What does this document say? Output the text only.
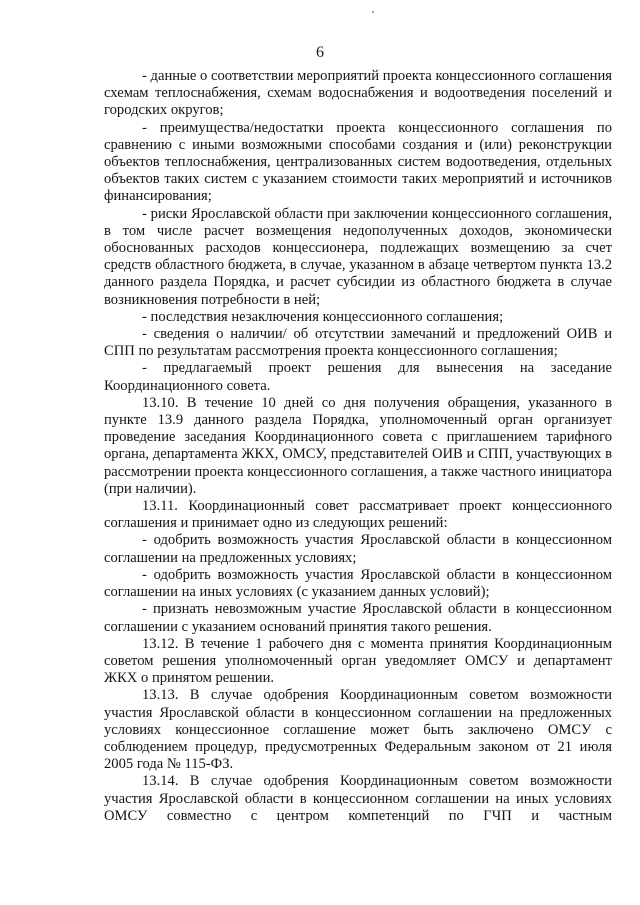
6

- данные о соответствии мероприятий проекта концессионного соглашения схемам теплоснабжения, схемам водоснабжения и водоотведения поселений и городских округов;

- преимущества/недостатки проекта концессионного соглашения по сравнению с иными возможными способами создания и (или) реконструкции объектов теплоснабжения, централизованных систем водоотведения, отдельных объектов таких систем с указанием стоимости таких мероприятий и источников финансирования;

- риски Ярославской области при заключении концессионного соглашения, в том числе расчет возмещения недополученных доходов, экономически обоснованных расходов концессионера, подлежащих возмещению за счет средств областного бюджета, в случае, указанном в абзаце четвертом пункта 13.2 данного раздела Порядка, и расчет субсидии из областного бюджета в случае возникновения потребности в ней;

- последствия незаключения концессионного соглашения;

- сведения о наличии/ об отсутствии замечаний и предложений ОИВ и СПП по результатам рассмотрения проекта концессионного соглашения;

- предлагаемый проект решения для вынесения на заседание Координационного совета.

13.10. В течение 10 дней со дня получения обращения, указанного в пункте 13.9 данного раздела Порядка, уполномоченный орган организует проведение заседания Координационного совета с приглашением тарифного органа, департамента ЖКХ, ОМСУ, представителей ОИВ и СПП, участвующих в рассмотрении проекта концессионного соглашения, а также частного инициатора (при наличии).

13.11. Координационный совет рассматривает проект концессионного соглашения и принимает одно из следующих решений:

- одобрить возможность участия Ярославской области в концессионном соглашении на предложенных условиях;

- одобрить возможность участия Ярославской области в концессионном соглашении на иных условиях (с указанием данных условий);

- признать невозможным участие Ярославской области в концессионном соглашении с указанием оснований принятия такого решения.

13.12. В течение 1 рабочего дня с момента принятия Координационным советом решения уполномоченный орган уведомляет ОМСУ и департамент ЖКХ о принятом решении.

13.13. В случае одобрения Координационным советом возможности участия Ярославской области в концессионном соглашении на предложенных условиях концессионное соглашение может быть заключено ОМСУ с соблюдением процедур, предусмотренных Федеральным законом от 21 июля 2005 года № 115-ФЗ.

13.14. В случае одобрения Координационным советом возможности участия Ярославской области в концессионном соглашении на иных условиях ОМСУ совместно с центром компетенций по ГЧП и частным
